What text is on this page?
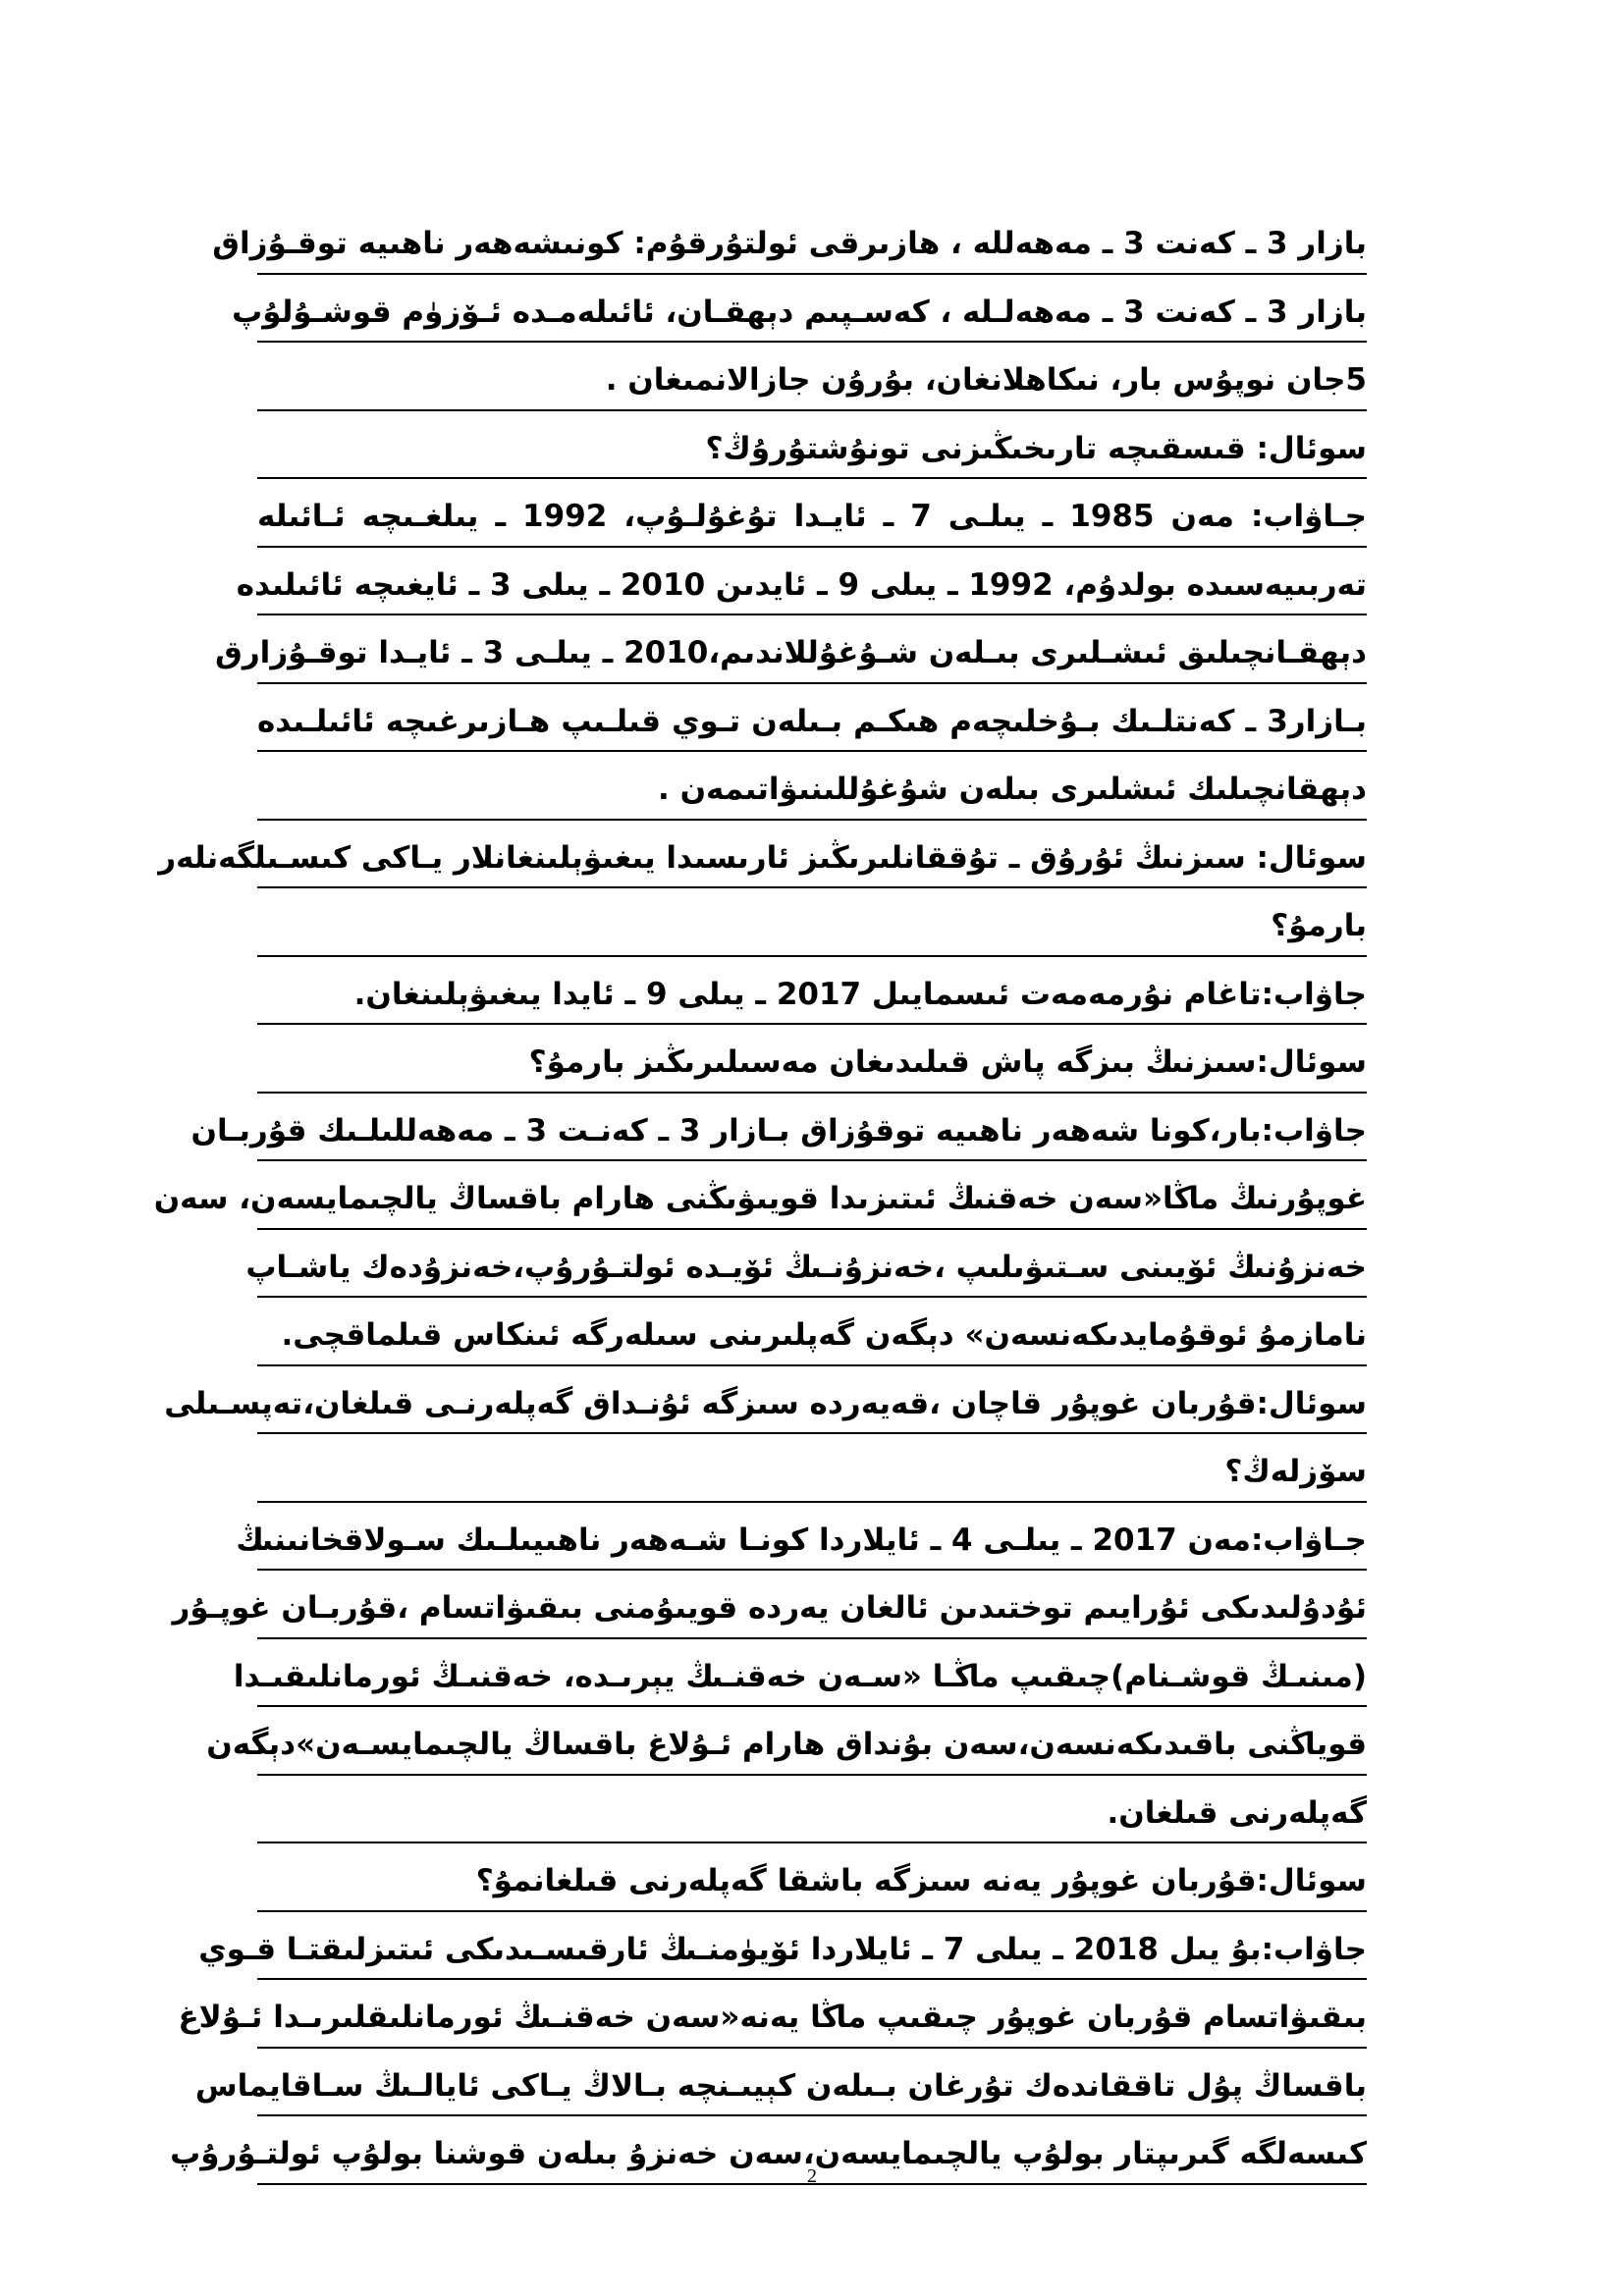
بازار 3 ـ كەنت 3 ـ مەھەللە ، ھازىرقى ئولتۇرقۇم: كونىشەھەر ناھىيە توقـۇزاق
بازار 3 ـ كەنت 3 ـ مەھەلـلە ، كەسـپىم دېھقـان، ئائىلەمـدە ئـۆزۈم قوشـۇلۇپ
5جان نوپۇس بار، نىكاھلانغان، بۇرۇن جازالانمىغان .
سوئال: قىسقىچە تارىخىڭىزنى تونۇشتۇرۇڭ؟
جـاۋاب: مەن 1985 ـ يىلـى 7 ـ ئايـدا تۇغۇلـۇپ، 1992 ـ يىلغـىچە ئـائىلە
تەربىيەسىدە بولدۇم، 1992 ـ يىلى 9 ـ ئايدىن 2010 ـ يىلى 3 ـ ئايغىچە ئائىلىدە
دېھقـانچىلىق ئىشـلىرى بىـلەن شـۇغۇللاندىم،2010 ـ يىلـى 3 ـ ئايـدا توقـۇزارق
بـازار3 ـ كەنتلـىك بـۇخلىچەم ھىكـم بـىلەن تـوي قىلـىپ ھـازىرغىچە ئائىلـىدە
دېھقانچىلىك ئىشلىرى بىلەن شۇغۇللىنىۋاتىمەن .
سوئال: سىزنىڭ ئۇرۇق ـ تۇققانلىرىڭىز ئارىسىدا يىغىۋېلىنغانلار يـاكى كىسـىلگەنلەر
بارمۇ؟
جاۋاب:تاغام نۇرمەمەت ئىسمايىل 2017 ـ يىلى 9 ـ ئايدا يىغىۋېلىنغان.
سوئال:سىزنىڭ بىزگە پاش قىلىدىغان مەسىلىرىڭىز بارمۇ؟
جاۋاب:بار،كونا شەھەر ناھىيە توقۇزاق بـازار 3 ـ كەنـت 3 ـ مەھەللىلـىك قۇربـان
غوپۇرنىڭ ماڭا«سەن خەقنىڭ ئىتىزىدا قويىۋىڭنى ھارام باقساڭ يالچىمايسەن، سەن
خەنزۇنىڭ ئۆيىنى سـتىۋىلىپ ،خەنزۇنـىڭ ئۆيـدە ئولتـۇرۇپ،خەنزۇدەك ياشـاپ
نامازمۇ ئوقۇمايدىكەنسەن» دېگەن گەپلىرىنى سىلەرگە ئىنكاس قىلماقچى.
سوئال:قۇربان غوپۇر قاچان ،قەيەردە سىزگە ئۇنـداق گەپلەرنـى قىلغان،تەپسـىلى
سۆزلەڭ؟
جـاۋاب:مەن 2017 ـ يىلـى 4 ـ ئايلاردا كونـا شـەھەر ناھىيىلـىك سـولاقخانىنىڭ
ئۇدۇلىدىكى ئۇرايىم توختىدىن ئالغان يەردە قويىۇمنى بىقىۋاتسام ،قۇربـان غوپـۇر
(مىنىـڭ قوشـنام)چىقىپ ماڭـا «سـەن خەقنـىڭ يېرىـدە، خەقنىـڭ ئورمانلىقىـدا
قوياڭنى باقىدىكەنسەن،سەن بۇنداق ھارام ئـۇلاغ باقساڭ يالچىمايسـەن»دېگەن
گەپلەرنى قىلغان.
سوئال:قۇربان غوپۇر يەنە سىزگە باشقا گەپلەرنى قىلغانمۇ؟
جاۋاب:بۇ يىل 2018 ـ يىلى 7 ـ ئايلاردا ئۆيۈمنـىڭ ئارقىسـىدىكى ئىتىزلىقتـا قـوي
بىقىۋاتسام قۇربان غوپۇر چىقىپ ماڭا يەنە«سەن خەقنـىڭ ئورمانلىقلىرىـدا ئـۇلاغ
باقساڭ پۇل تاققاندەك تۇرغان بـىلەن كېيىـنچە بـالاڭ يـاكى ئايالـىڭ سـاقايماس
كىسەلگە گىرىپتار بولۇپ يالچىمايسەن،سەن خەنزۇ بىلەن قوشنا بولۇپ ئولتـۇرۇپ
2
